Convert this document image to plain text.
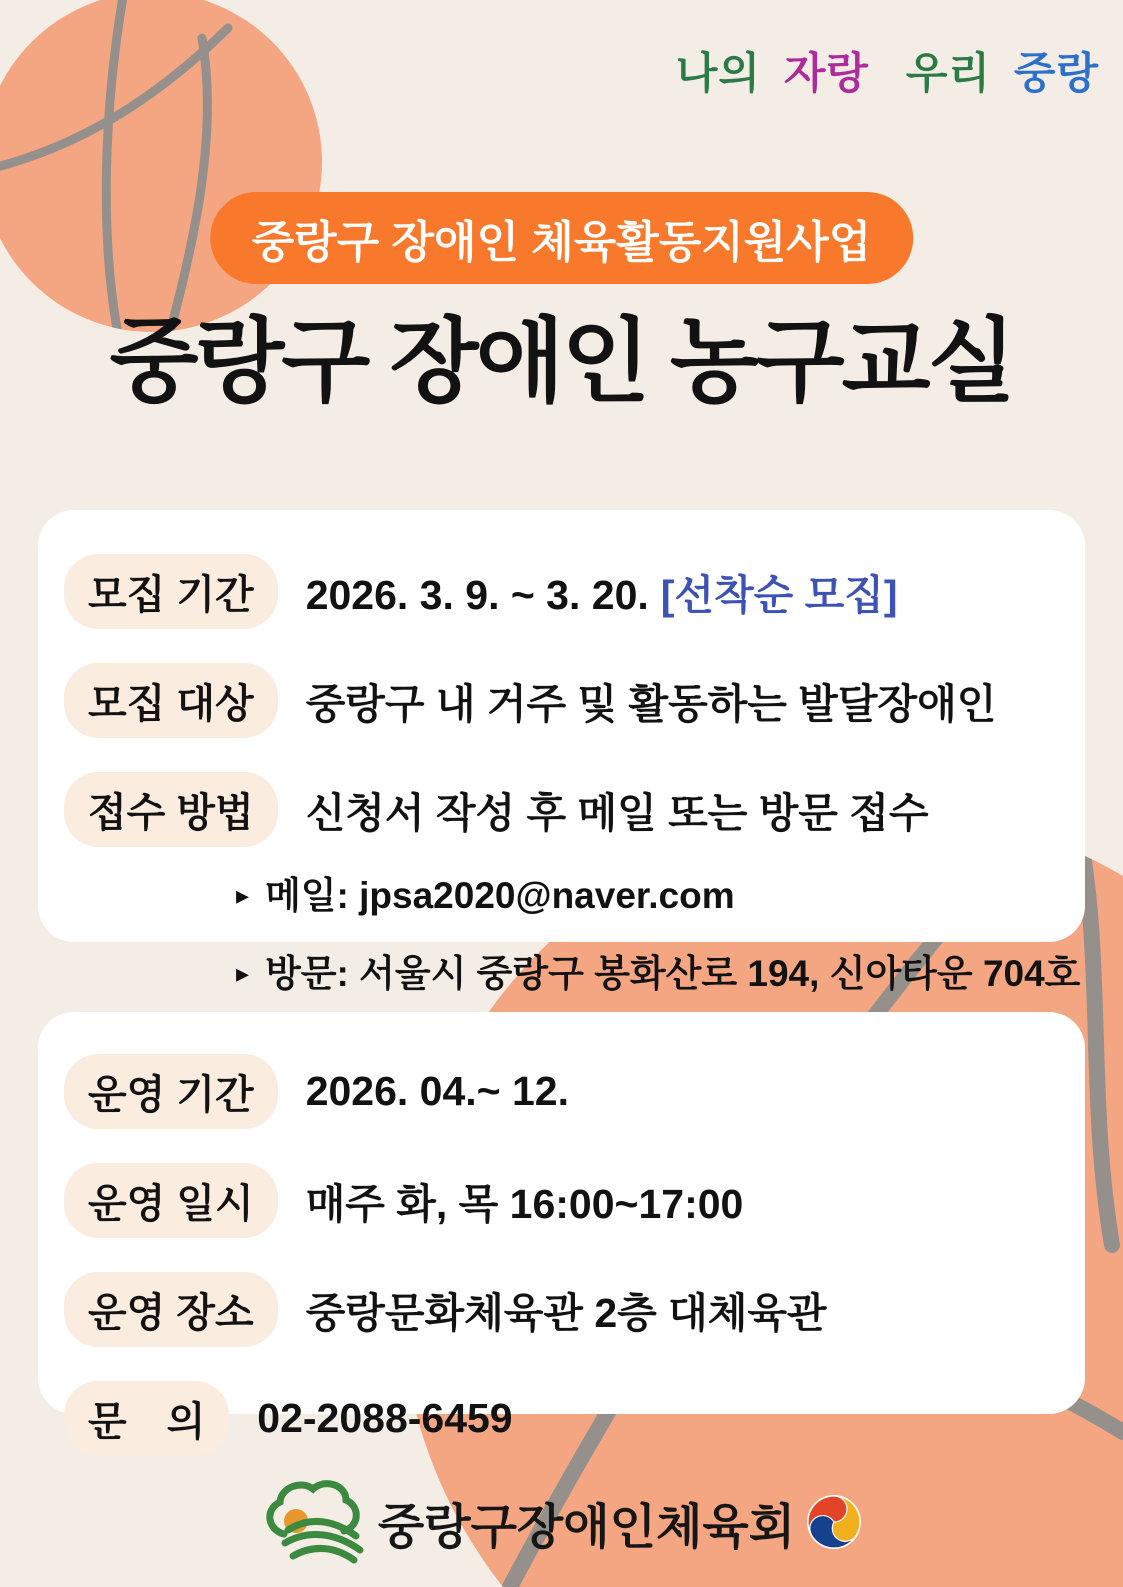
나의 자랑 우리 중랑
중랑구 장애인 체육활동지원사업
중랑구 장애인 농구교실
모집 기간	2026. 3. 9. ~ 3. 20. [선착순 모집]
모집 대상	중랑구 내 거주 및 활동하는 발달장애인
접수 방법	신청서 작성 후 메일 또는 방문 접수
▸ 메일: jpsa2020@naver.com
▸ 방문: 서울시 중랑구 봉화산로 194, 신아타운 704호
운영 기간	2026. 04.~ 12.
운영 일시	매주 화, 목 16:00~17:00
운영 장소	중랑문화체육관 2층 대체육관
문　의	02-2088-6459
중랑구장애인체육회
